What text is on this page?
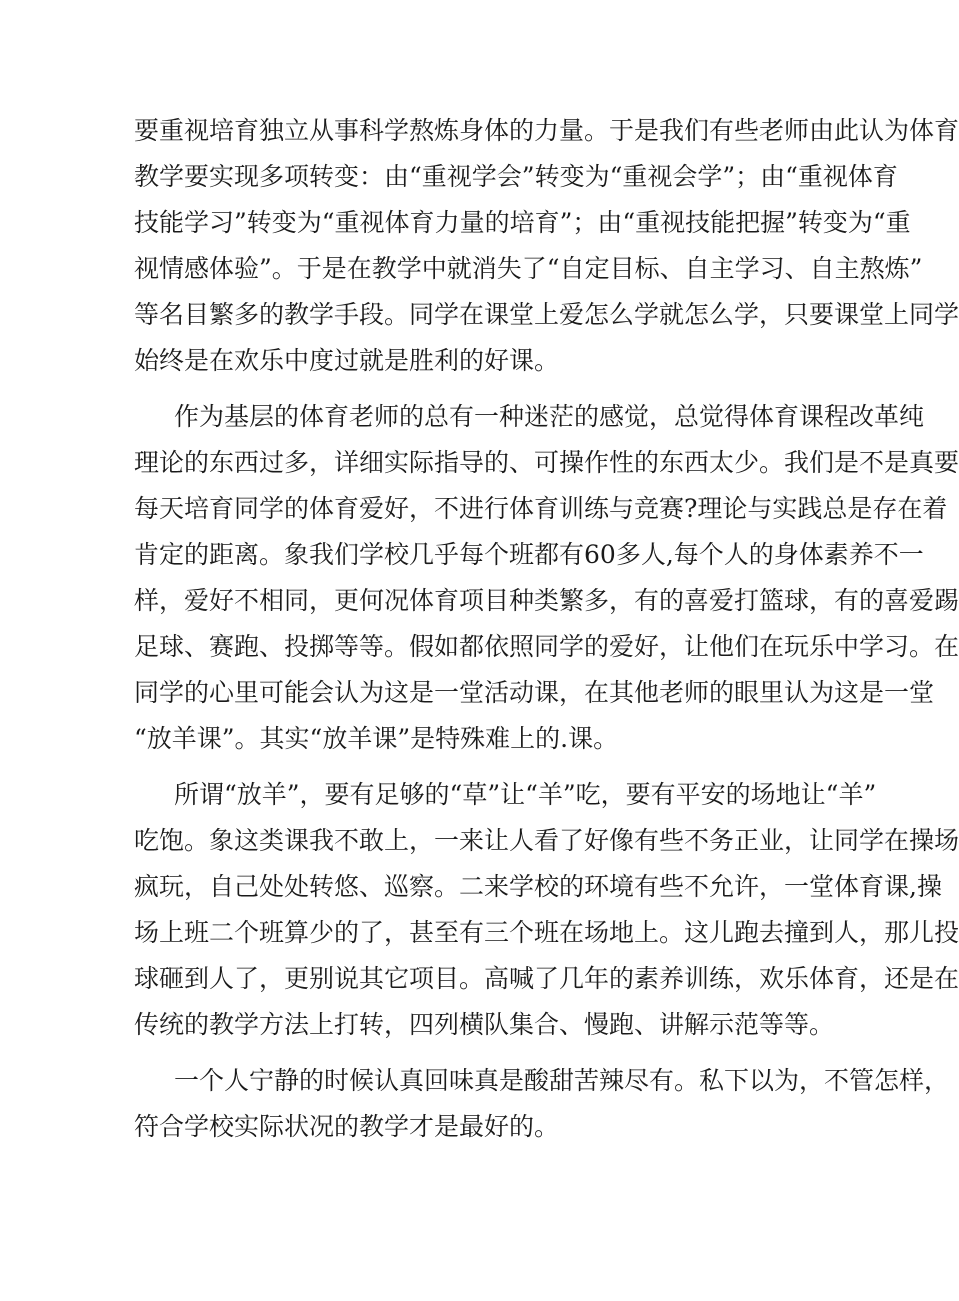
要重视培育独立从事科学熬炼身体的力量。于是我们有些老师由此认为体育
教学要实现多项转变：由“重视学会”转变为“重视会学”；由“重视体育
技能学习”转变为“重视体育力量的培育”；由“重视技能把握”转变为“重
视情感体验”。于是在教学中就消失了“自定目标、自主学习、自主熬炼”
等名目繁多的教学手段。同学在课堂上爱怎么学就怎么学，只要课堂上同学
始终是在欢乐中度过就是胜利的好课。
作为基层的体育老师的总有一种迷茫的感觉，总觉得体育课程改革纯
理论的东西过多，详细实际指导的、可操作性的东西太少。我们是不是真要
每天培育同学的体育爱好，不进行体育训练与竞赛?理论与实践总是存在着
肯定的距离。象我们学校几乎每个班都有60多人,每个人的身体素养不一
样，爱好不相同，更何况体育项目种类繁多，有的喜爱打篮球，有的喜爱踢
足球、赛跑、投掷等等。假如都依照同学的爱好，让他们在玩乐中学习。在
同学的心里可能会认为这是一堂活动课，在其他老师的眼里认为这是一堂
“放羊课”。其实“放羊课”是特殊难上的.课。
所谓“放羊”，要有足够的“草”让“羊”吃，要有平安的场地让“羊”
吃饱。象这类课我不敢上，一来让人看了好像有些不务正业，让同学在操场
疯玩，自己处处转悠、巡察。二来学校的环境有些不允许，一堂体育课,操
场上班二个班算少的了，甚至有三个班在场地上。这儿跑去撞到人，那儿投
球砸到人了，更别说其它项目。高喊了几年的素养训练，欢乐体育，还是在
传统的教学方法上打转，四列横队集合、慢跑、讲解示范等等。
一个人宁静的时候认真回味真是酸甜苦辣尽有。私下以为，不管怎样，
符合学校实际状况的教学才是最好的。
